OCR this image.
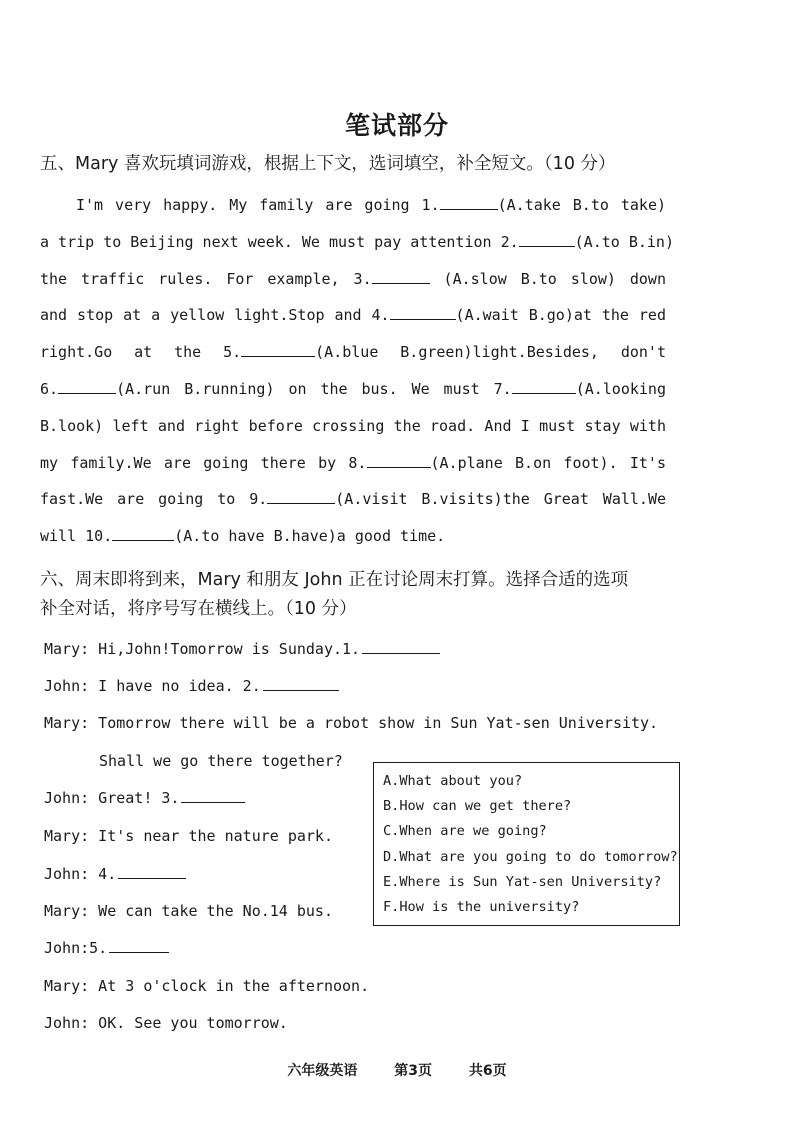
笔试部分
五、Mary 喜欢玩填词游戏，根据上下文，选词填空，补全短文。（10 分）
I'm very happy. My family are going 1.	(A.take B.to take)
a trip to Beijing next week. We must pay attention 2.	(A.to B.in)
the traffic rules. For example, 3.	(A.slow B.to slow) down
and stop at a yellow light.Stop and 4.	(A.wait B.go)at the red
right.Go at the 5.	(A.blue B.green)light.Besides, don't
6.	(A.run B.running) on the bus. We must 7.	(A.looking
B.look) left and right before crossing the road. And I must stay with
my family.We are going there by 8.	(A.plane B.on foot). It's
fast.We are going to 9.	(A.visit B.visits)the Great Wall.We
will 10.	(A.to have B.have)a good time.
六、周末即将到来，Mary 和朋友 John 正在讨论周末打算。选择合适的选项
补全对话，将序号写在横线上。（10 分）
Mary: Hi,John!Tomorrow is Sunday.1.
John: I have no idea. 2.
Mary: Tomorrow there will be a robot show in Sun Yat-sen University.
Shall we go there together?
John: Great! 3.
Mary: It's near the nature park.
John: 4.
Mary: We can take the No.14 bus.
John:5.
Mary: At 3 o'clock in the afternoon.
John: OK. See you tomorrow.
A.What about you?
B.How can we get there?
C.When are we going?
D.What are you going to do tomorrow?
E.Where is Sun Yat-sen University?
F.How is the university?
六年级英语	第3页	共6页
